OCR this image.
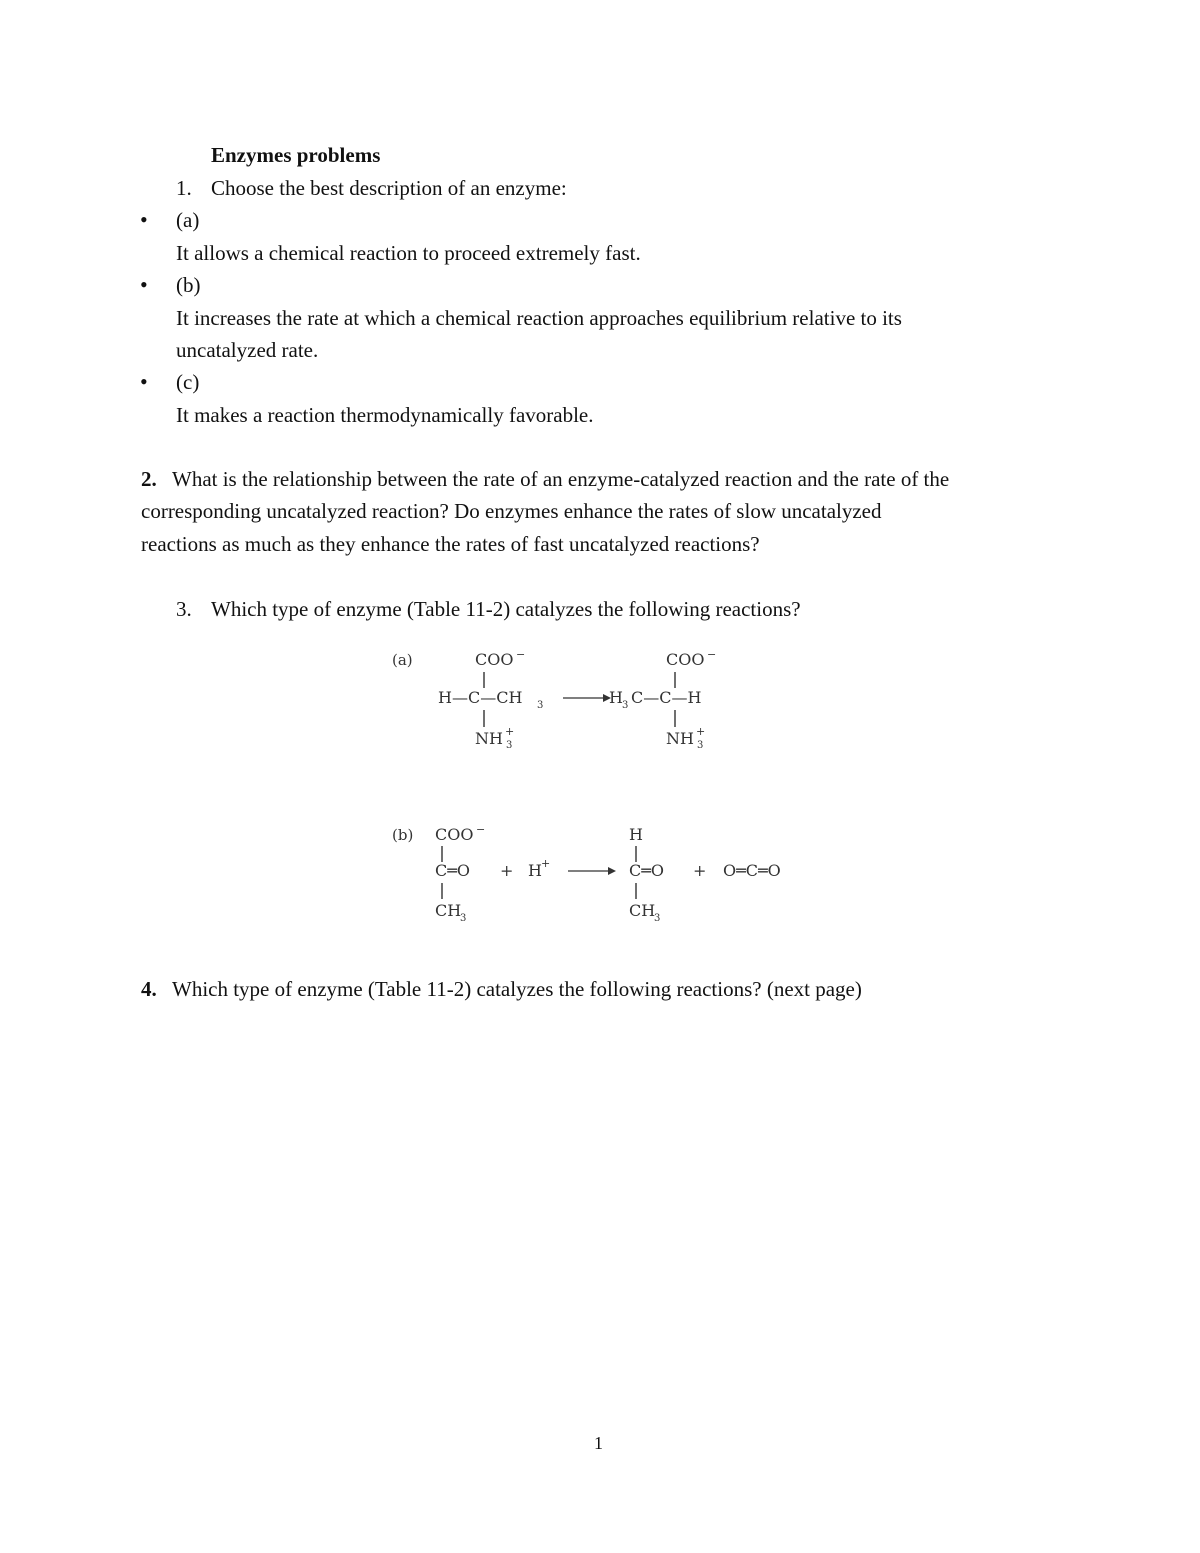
Enzymes problems
1. Choose the best description of an enzyme:
• (a)
It allows a chemical reaction to proceed extremely fast.
• (b)
It increases the rate at which a chemical reaction approaches equilibrium relative to its
uncatalyzed rate.
• (c)
It makes a reaction thermodynamically favorable.
2. What is the relationship between the rate of an enzyme-catalyzed reaction and the rate of the
corresponding uncatalyzed reaction? Do enzymes enhance the rates of slow uncatalyzed
reactions as much as they enhance the rates of fast uncatalyzed reactions?
3. Which type of enzyme (Table 11-2) catalyzes the following reactions?
(a)	COO −
H—C—CH 3
NH +
3
COO −
H 3 C—C—H
NH +
3
(b) COO −
C═O
CH
3
+ H +
H
C═O
CH
3
+ O═C═O
4. Which type of enzyme (Table 11-2) catalyzes the following reactions? (next page)
1
